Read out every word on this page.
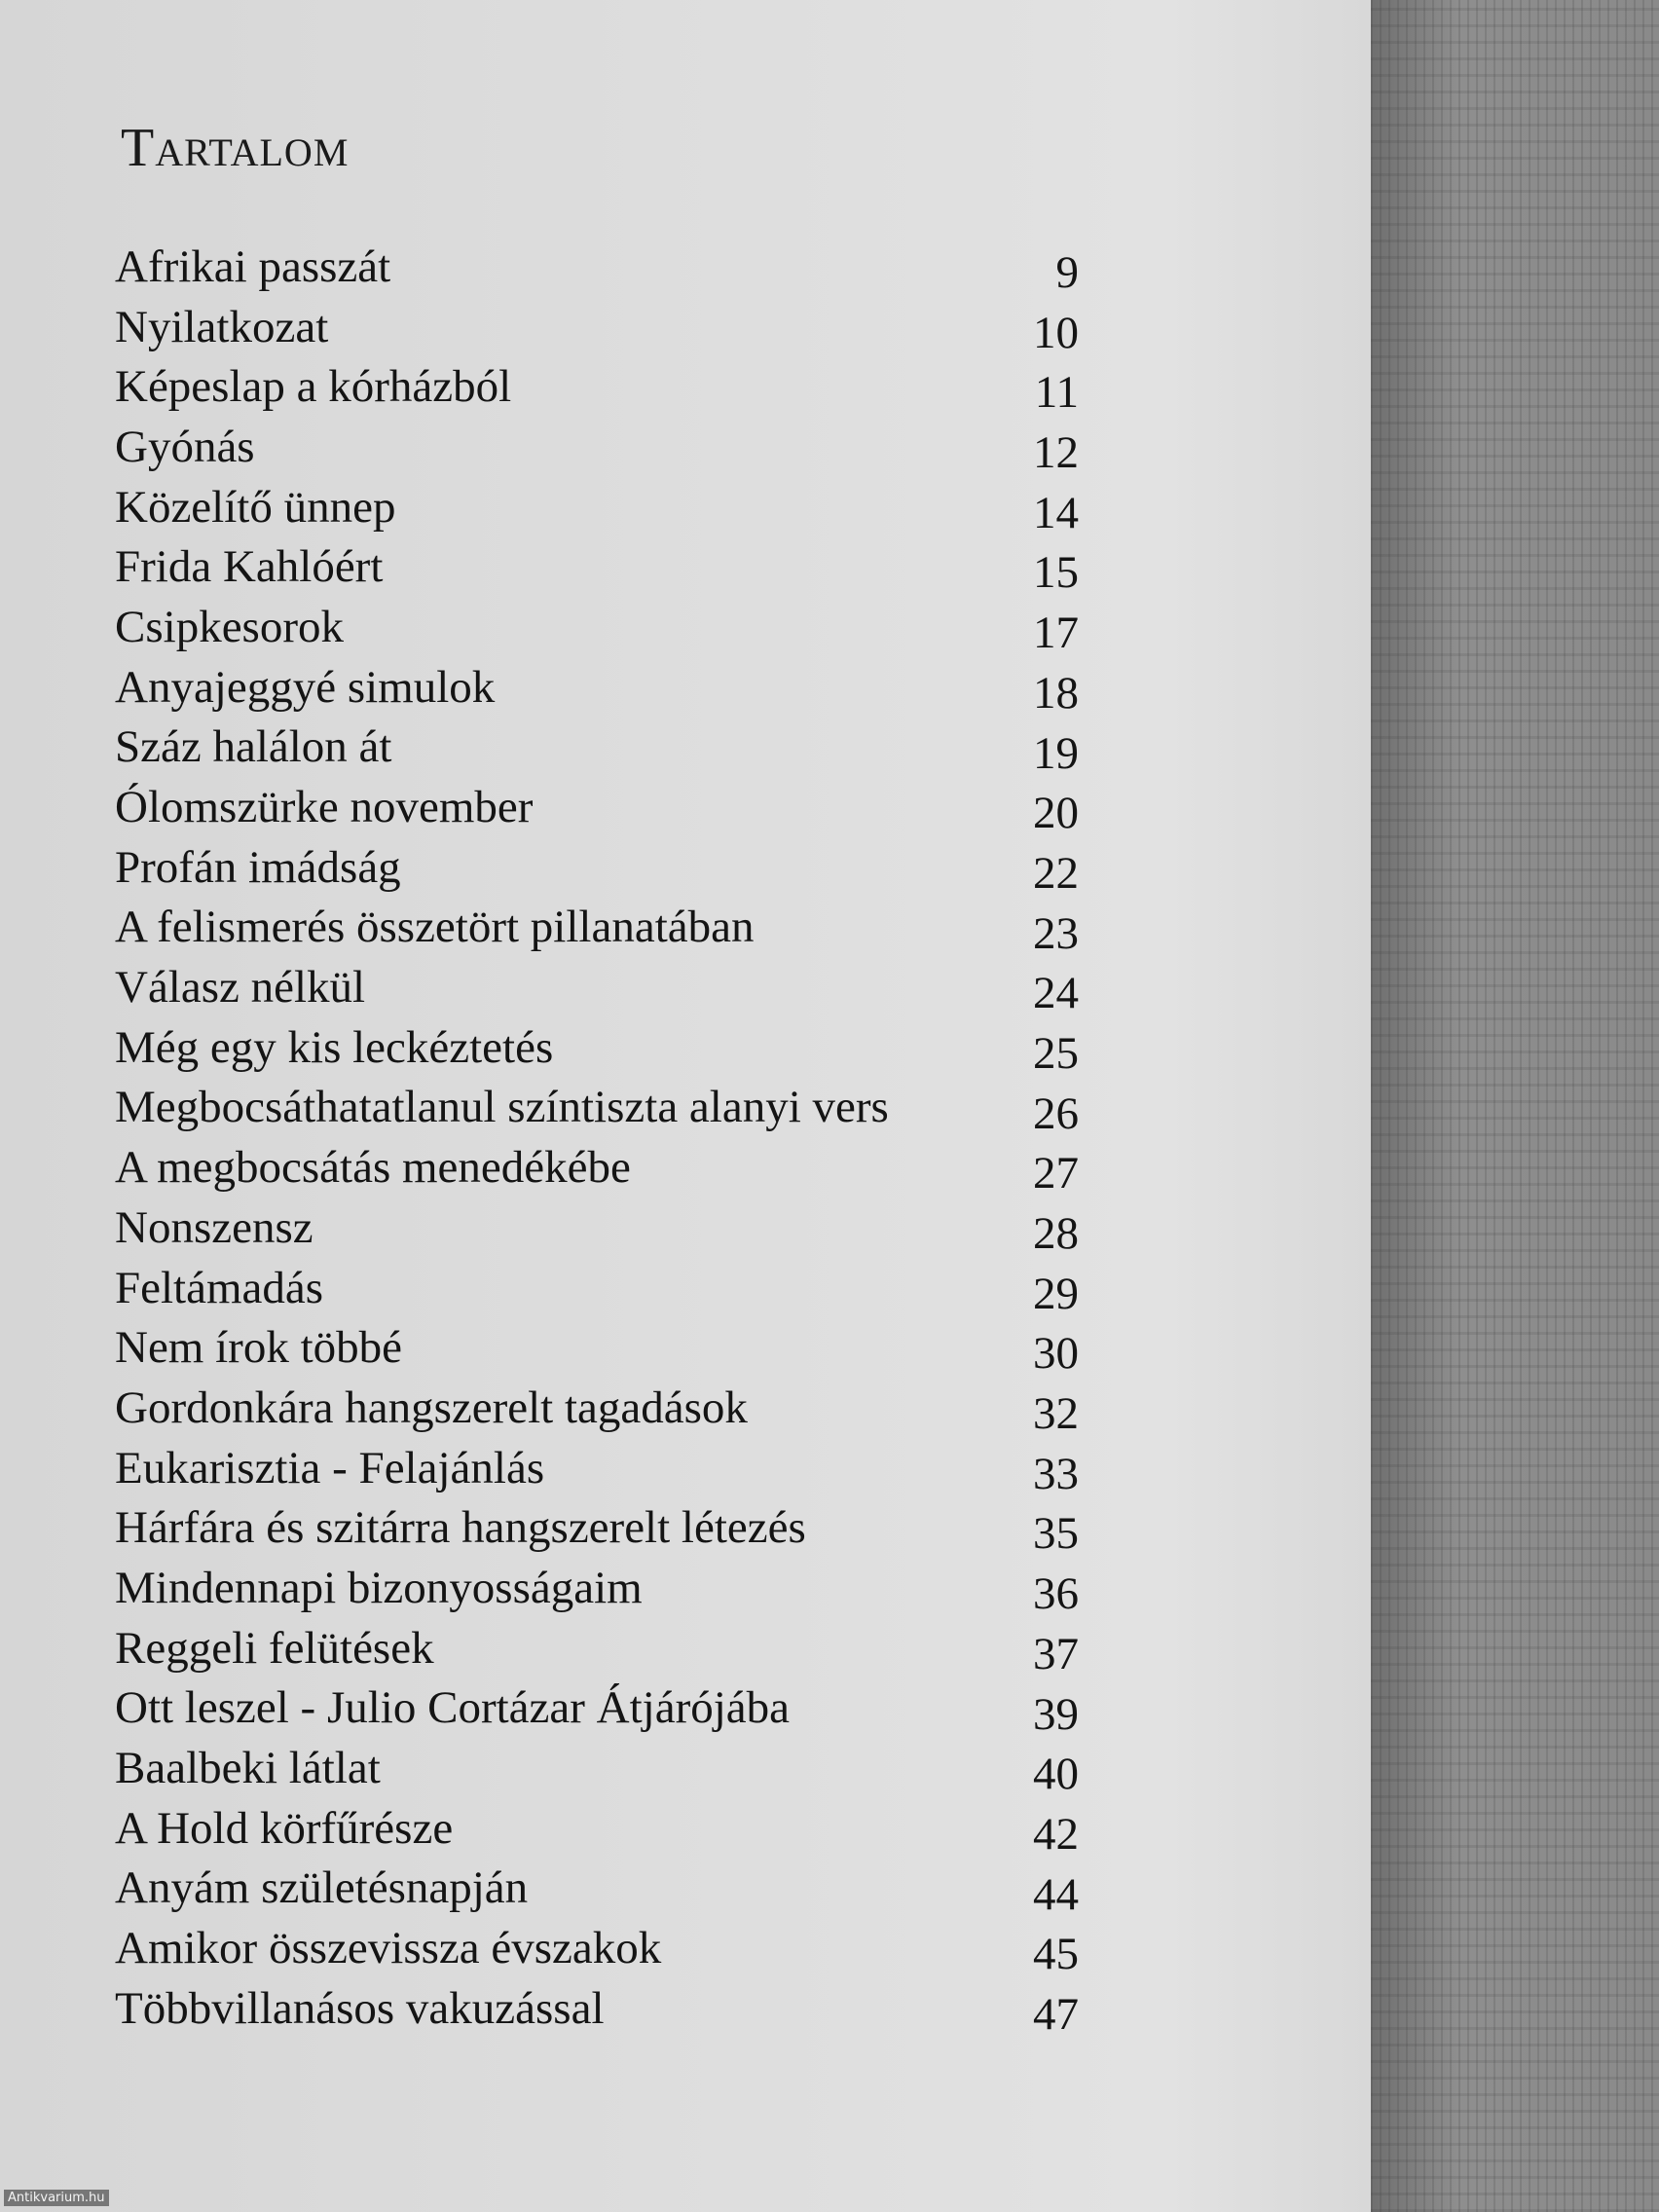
TARTALOM
Afrikai passzát	9
Nyilatkozat	10
Képeslap a kórházból	11
Gyónás	12
Közelítő ünnep	14
Frida Kahlóért	15
Csipkesorok	17
Anyajeggyé simulok	18
Száz halálon át	19
Ólomszürke november	20
Profán imádság	22
A felismerés összetört pillanatában	23
Válasz nélkül	24
Még egy kis leckéztetés	25
Megbocsáthatatlanul színtiszta alanyi vers	26
A megbocsátás menedékébe	27
Nonszensz	28
Feltámadás	29
Nem írok többé	30
Gordonkára hangszerelt tagadások	32
Eukarisztia - Felajánlás	33
Hárfára és szitárra hangszerelt létezés	35
Mindennapi bizonyosságaim	36
Reggeli felütések	37
Ott leszel - Julio Cortázar Átjárójába	39
Baalbeki látlat	40
A Hold körfűrésze	42
Anyám születésnapján	44
Amikor összevissza évszakok	45
Többvillanásos vakuzással	47
Antikvarium.hu
